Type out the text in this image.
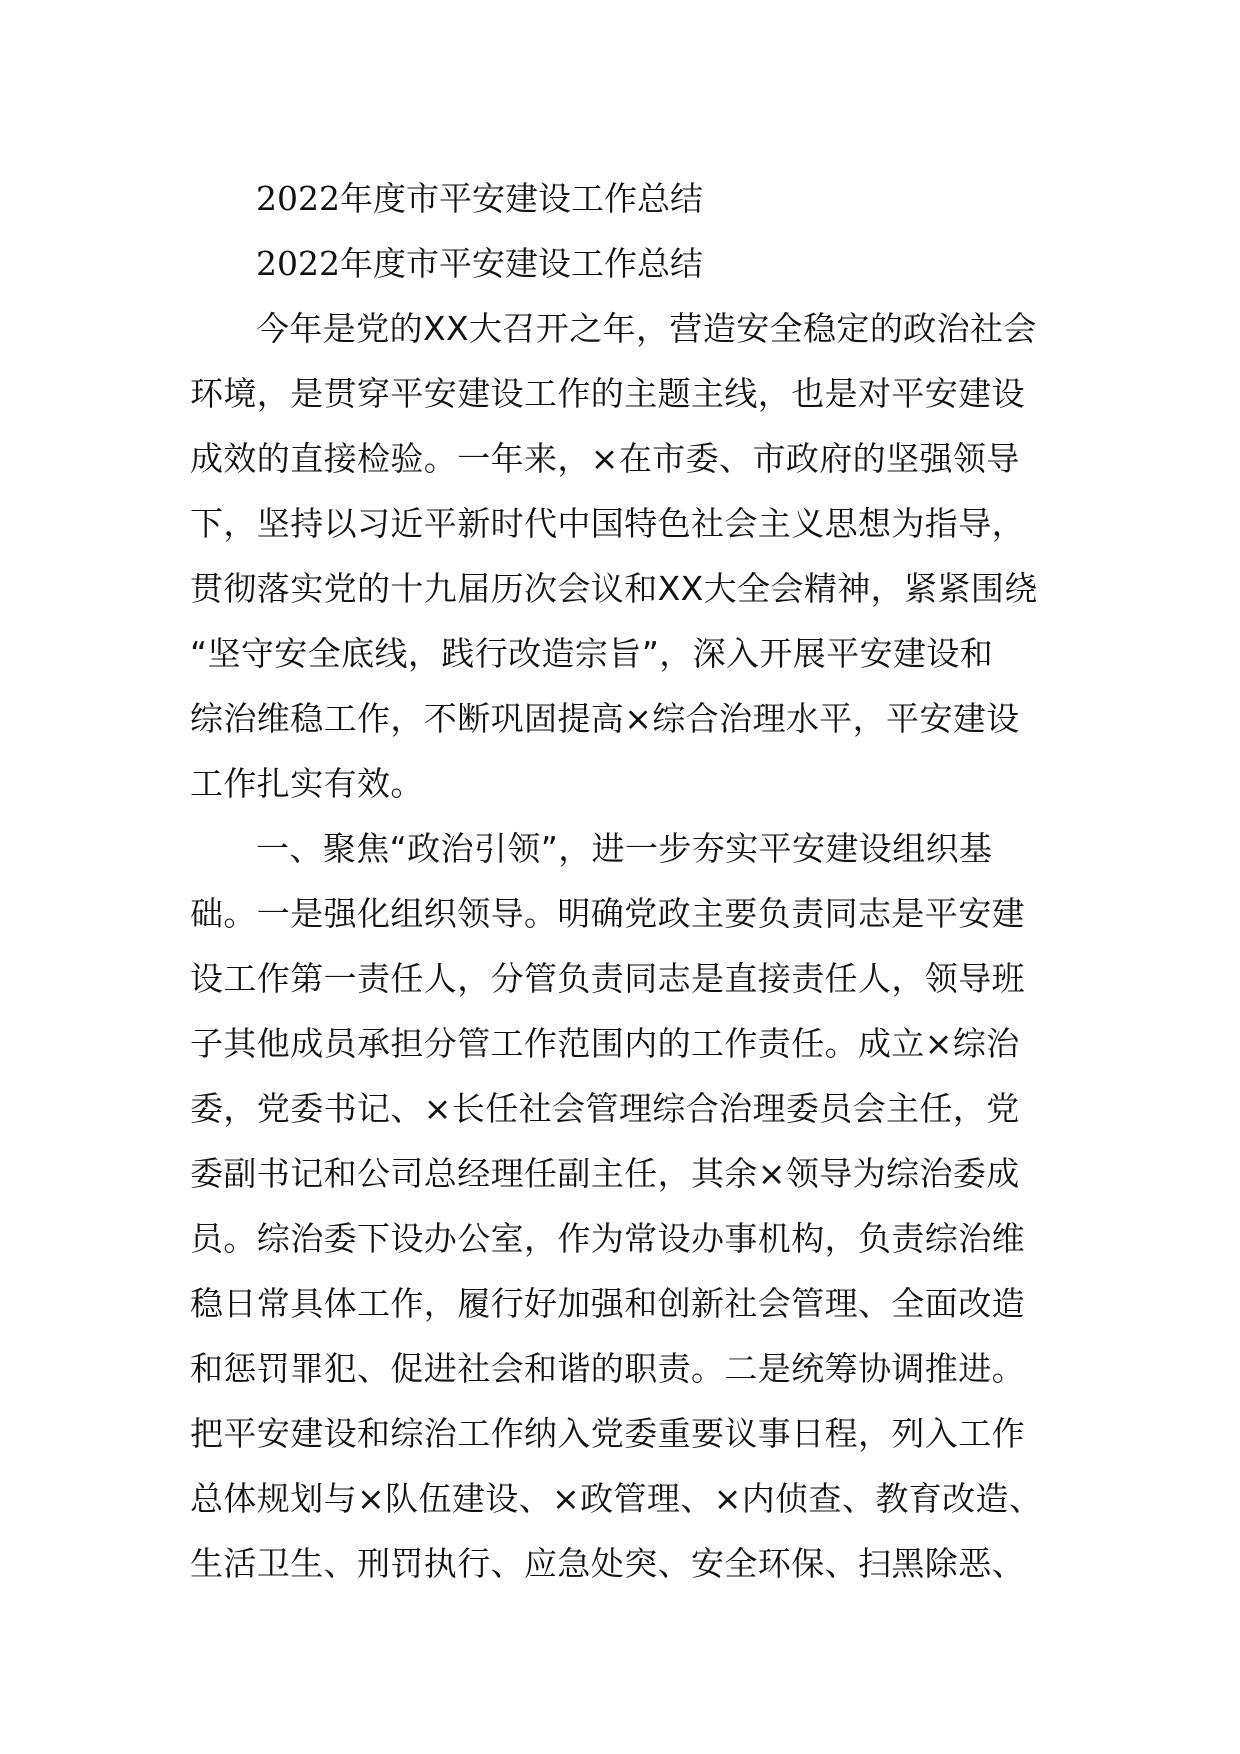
2022年度市平安建设工作总结
2022年度市平安建设工作总结
今年是党的XX大召开之年，营造安全稳定的政治社会
环境，是贯穿平安建设工作的主题主线，也是对平安建设
成效的直接检验。一年来，×在市委、市政府的坚强领导
下，坚持以习近平新时代中国特色社会主义思想为指导，
贯彻落实党的十九届历次会议和XX大全会精神，紧紧围绕
“坚守安全底线，践行改造宗旨”，深入开展平安建设和
综治维稳工作，不断巩固提高×综合治理水平，平安建设
工作扎实有效。
一、聚焦“政治引领”，进一步夯实平安建设组织基
础。一是强化组织领导。明确党政主要负责同志是平安建
设工作第一责任人，分管负责同志是直接责任人，领导班
子其他成员承担分管工作范围内的工作责任。成立×综治
委，党委书记、×长任社会管理综合治理委员会主任，党
委副书记和公司总经理任副主任，其余×领导为综治委成
员。综治委下设办公室，作为常设办事机构，负责综治维
稳日常具体工作，履行好加强和创新社会管理、全面改造
和惩罚罪犯、促进社会和谐的职责。二是统筹协调推进。
把平安建设和综治工作纳入党委重要议事日程，列入工作
总体规划与×队伍建设、×政管理、×内侦查、教育改造、
生活卫生、刑罚执行、应急处突、安全环保、扫黑除恶、
